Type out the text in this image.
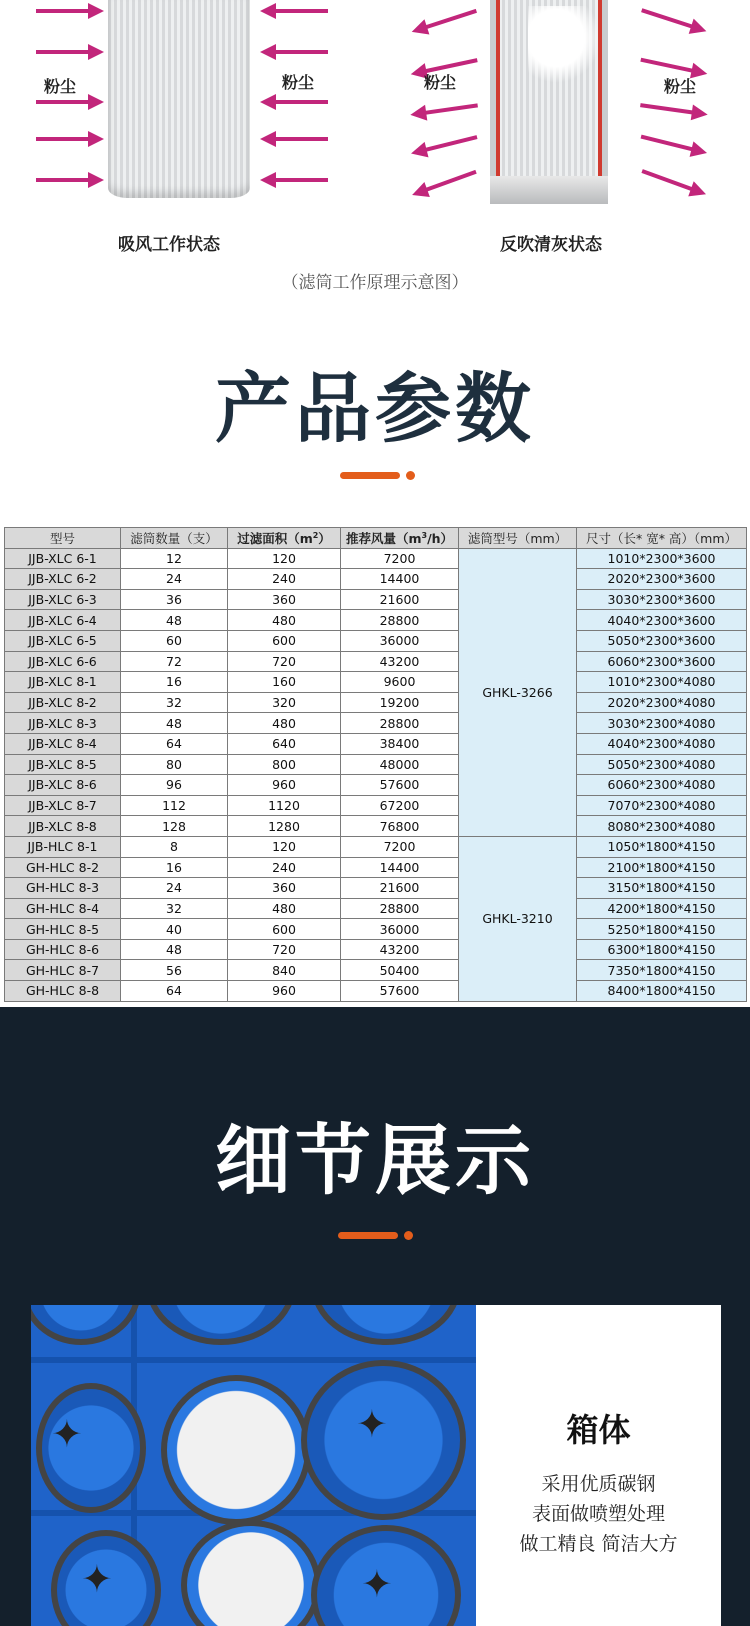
粉尘	粉尘	粉尘	粉尘
吸风工作状态	反吹清灰状态
（滤筒工作原理示意图）
产品参数
型号	滤筒数量（支）	过滤面积$(m^2)$	推荐风量$(m^3/h)$	滤筒型号（mm）	尺寸（长* 宽* 高）（mm）
JJB-XLC 6-1	12	120	7200	GHKL-3266	1010*2300*3600
JJB-XLC 6-2	24	240	14400		2020*2300*3600
JJB-XLC 6-3	36	360	21600		3030*2300*3600
JJB-XLC 6-4	48	480	28800		4040*2300*3600
JJB-XLC 6-5	60	600	36000		5050*2300*3600
JJB-XLC 6-6	72	720	43200		6060*2300*3600
JJB-XLC 8-1	16	160	9600		1010*2300*4080
JJB-XLC 8-2	32	320	19200		2020*2300*4080
JJB-XLC 8-3	48	480	28800		3030*2300*4080
JJB-XLC 8-4	64	640	38400		4040*2300*4080
JJB-XLC 8-5	80	800	48000		5050*2300*4080
JJB-XLC 8-6	96	960	57600		6060*2300*4080
JJB-XLC 8-7	112	1120	67200		7070*2300*4080
JJB-XLC 8-8	128	1280	76800		8080*2300*4080
JJB-HLC 8-1	8	120	7200	GHKL-3210	1050*1800*4150
GH-HLC 8-2	16	240	14400		2100*1800*4150
GH-HLC 8-3	24	360	21600		3150*1800*4150
GH-HLC 8-4	32	480	28800		4200*1800*4150
GH-HLC 8-5	40	600	36000		5250*1800*4150
GH-HLC 8-6	48	720	43200		6300*1800*4150
GH-HLC 8-7	56	840	50400		7350*1800*4150
GH-HLC 8-8	64	960	57600		8400*1800*4150
细节展示
✦	✦
✦	✦
箱体
采用优质碳钢
表面做喷塑处理
做工精良 简洁大方
